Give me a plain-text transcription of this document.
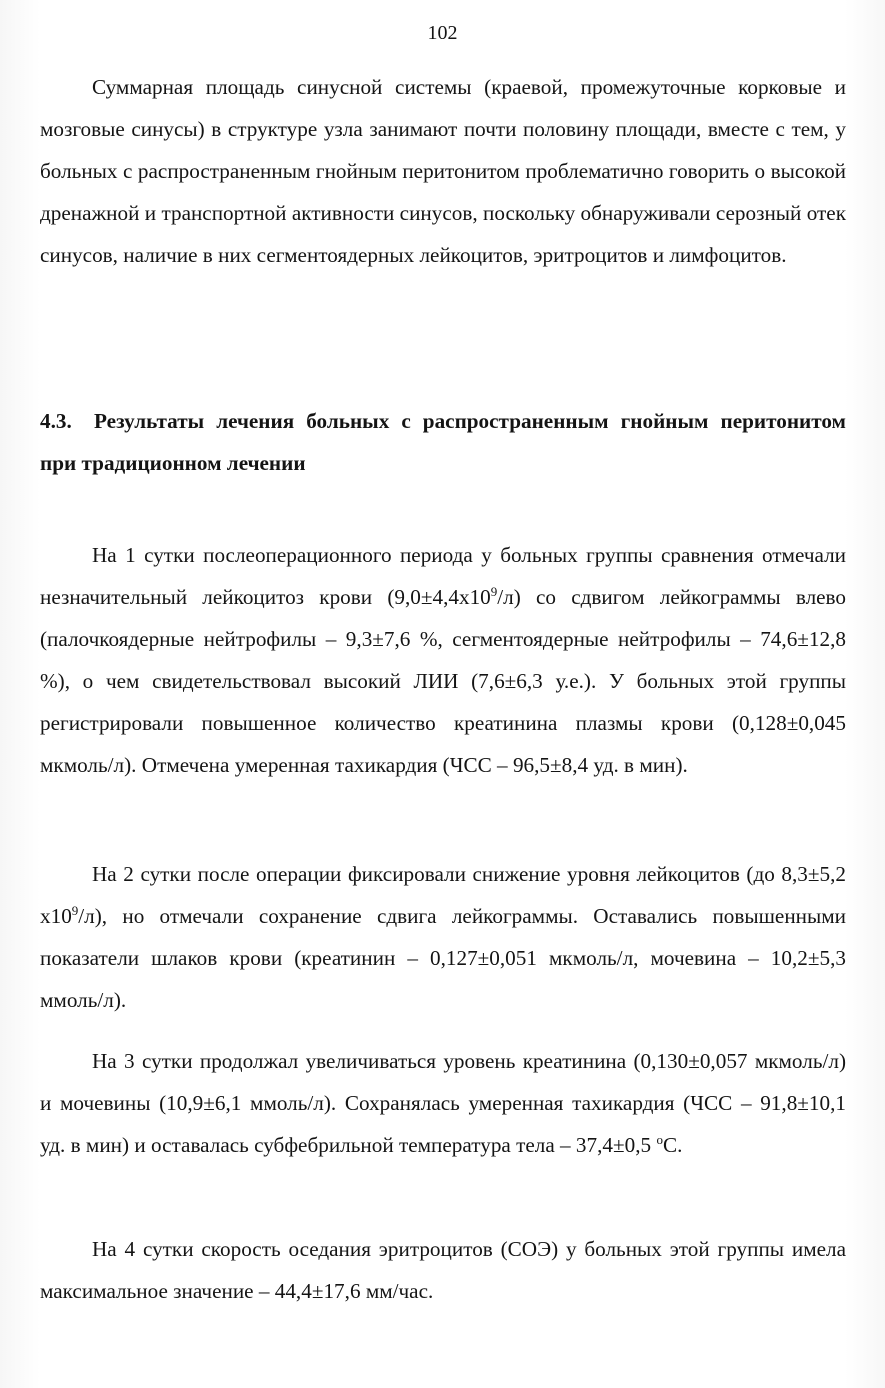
102

Суммарная площадь синусной системы (краевой, промежуточные корковые и мозговые синусы) в структуре узла занимают почти половину площади, вместе с тем, у больных с распространенным гнойным перитонитом проблематично говорить о высокой дренажной и транспортной активности синусов, поскольку обнаруживали серозный отек синусов, наличие в них сегментоядерных лейкоцитов, эритроцитов и лимфоцитов.

4.3. Результаты лечения больных с распространенным гнойным перитонитом при традиционном лечении

На 1 сутки послеоперационного периода у больных группы сравнения отмечали незначительный лейкоцитоз крови $(9,0\pm 4,4х10^9/л)$ со сдвигом лейкограммы влево (палочкоядерные нейтрофилы – 9,3±7,6 %, сегментоядерные нейтрофилы – 74,6±12,8 %), о чем свидетельствовал высокий ЛИИ (7,6±6,3 у.е.). У больных этой группы регистрировали повышенное количество креатинина плазмы крови (0,128±0,045 мкмоль/л). Отмечена умеренная тахикардия (ЧСС – 96,5±8,4 уд. в мин).

На 2 сутки после операции фиксировали снижение уровня лейкоцитов (до 8,3±5,2 $х10^9/л$), но отмечали сохранение сдвига лейкограммы. Оставались повышенными показатели шлаков крови (креатинин – 0,127±0,051 мкмоль/л, мочевина – 10,2±5,3 ммоль/л).

На 3 сутки продолжал увеличиваться уровень креатинина (0,130±0,057 мкмоль/л) и мочевины (10,9±6,1 ммоль/л). Сохранялась умеренная тахикардия (ЧСС – 91,8±10,1 уд. в мин) и оставалась субфебрильной температура тела – 37,4±0,5 $^о$С.

На 4 сутки скорость оседания эритроцитов (СОЭ) у больных этой группы имела максимальное значение – 44,4±17,6 мм/час.
